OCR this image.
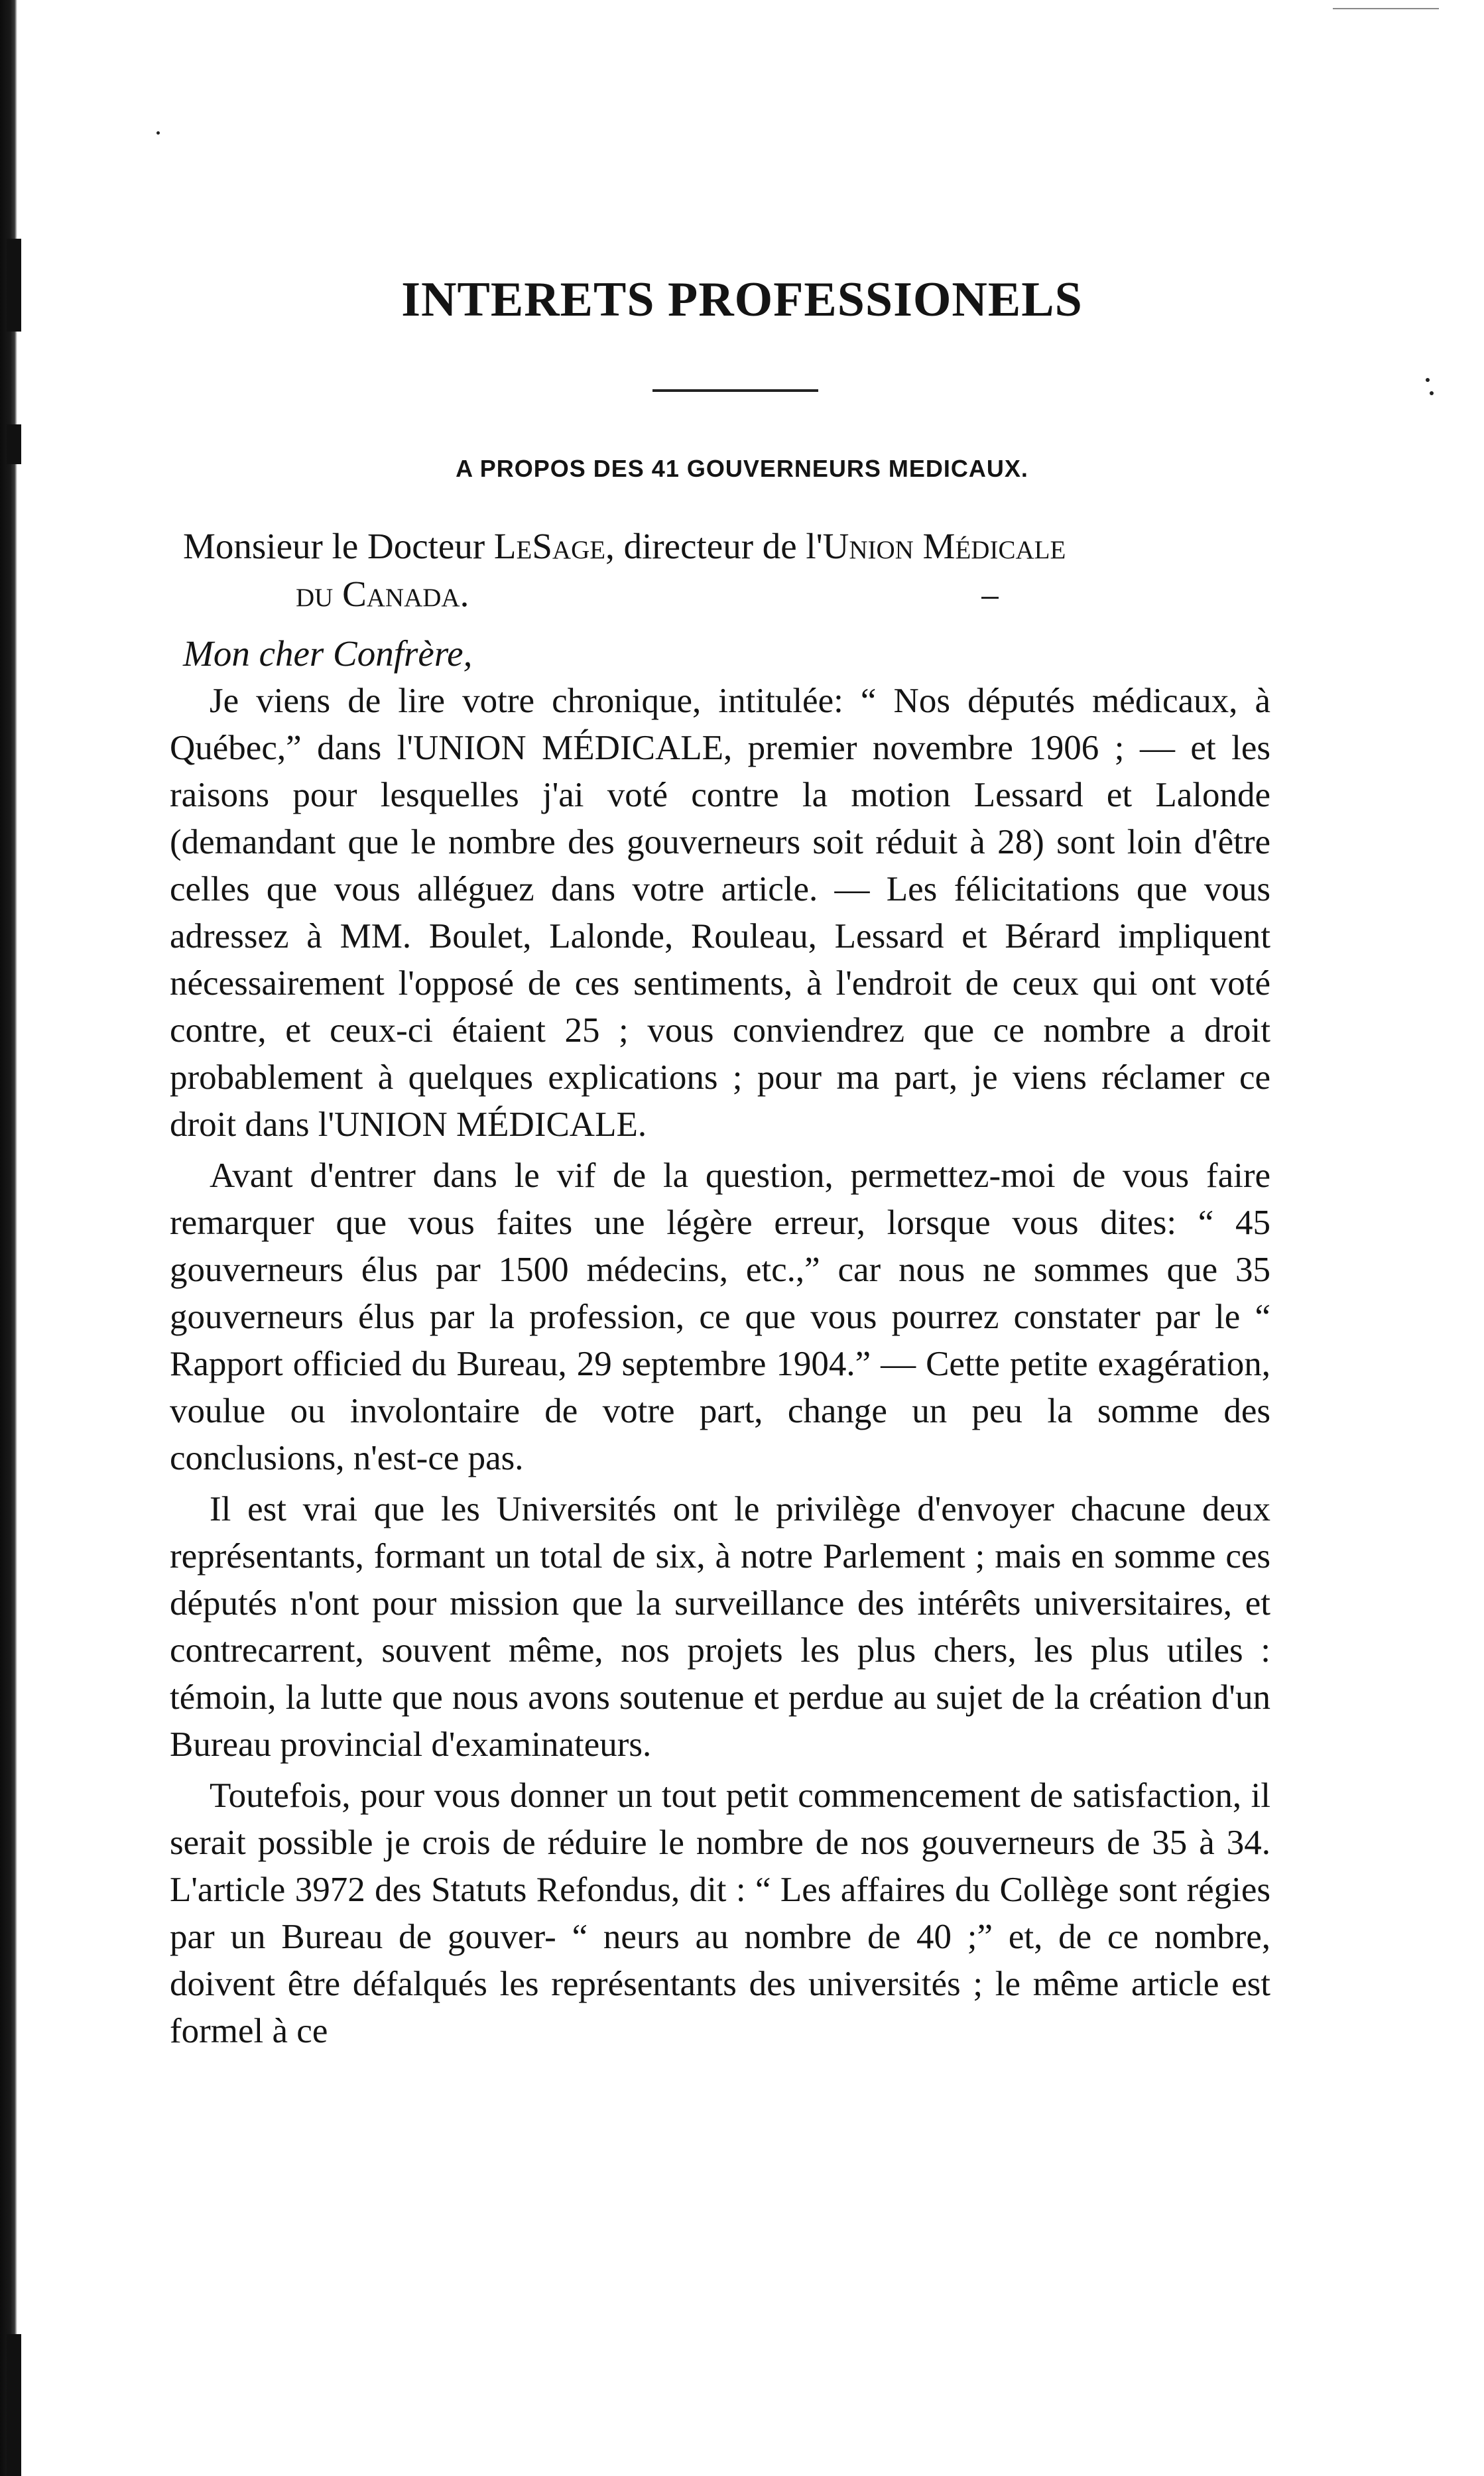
INTERETS PROFESSIONELS
A PROPOS DES 41 GOUVERNEURS MEDICAUX.

Monsieur le Docteur LeSage, directeur de l'Union Médicale
du Canada.

Mon cher Confrère,

Je viens de lire votre chronique, intitulée: “ Nos députés médicaux, à Québec,” dans l'UNION MÉDICALE, premier novembre 1906 ; — et les raisons pour lesquelles j'ai voté contre la motion Lessard et Lalonde (demandant que le nombre des gouverneurs soit réduit à 28) sont loin d'être celles que vous alléguez dans votre article. — Les félicitations que vous adressez à MM. Boulet, Lalonde, Rouleau, Lessard et Bérard impliquent nécessairement l'opposé de ces sentiments, à l'endroit de ceux qui ont voté contre, et ceux-ci étaient 25 ; vous conviendrez que ce nombre a droit probablement à quelques explications ; pour ma part, je viens réclamer ce droit dans l'UNION MÉDICALE.

Avant d'entrer dans le vif de la question, permettez-moi de vous faire remarquer que vous faites une légère erreur, lorsque vous dites: “ 45 gouverneurs élus par 1500 médecins, etc.,” car nous ne sommes que 35 gouverneurs élus par la profession, ce que vous pourrez constater par le “ Rapport officied du Bureau, 29 septembre 1904.” — Cette petite exagération, voulue ou involontaire de votre part, change un peu la somme des conclusions, n'est-ce pas.

Il est vrai que les Universités ont le privilège d'envoyer chacune deux représentants, formant un total de six, à notre Parlement ; mais en somme ces députés n'ont pour mission que la surveillance des intérêts universitaires, et contrecarrent, souvent même, nos projets les plus chers, les plus utiles : témoin, la lutte que nous avons soutenue et perdue au sujet de la création d'un Bureau provincial d'examinateurs.

Toutefois, pour vous donner un tout petit commencement de satisfaction, il serait possible je crois de réduire le nombre de nos gouverneurs de 35 à 34. L'article 3972 des Statuts Refondus, dit : “ Les affaires du Collège sont régies par un Bureau de gouver- “ neurs au nombre de 40 ;” et, de ce nombre, doivent être défalqués les représentants des universités ; le même article est formel à ce
